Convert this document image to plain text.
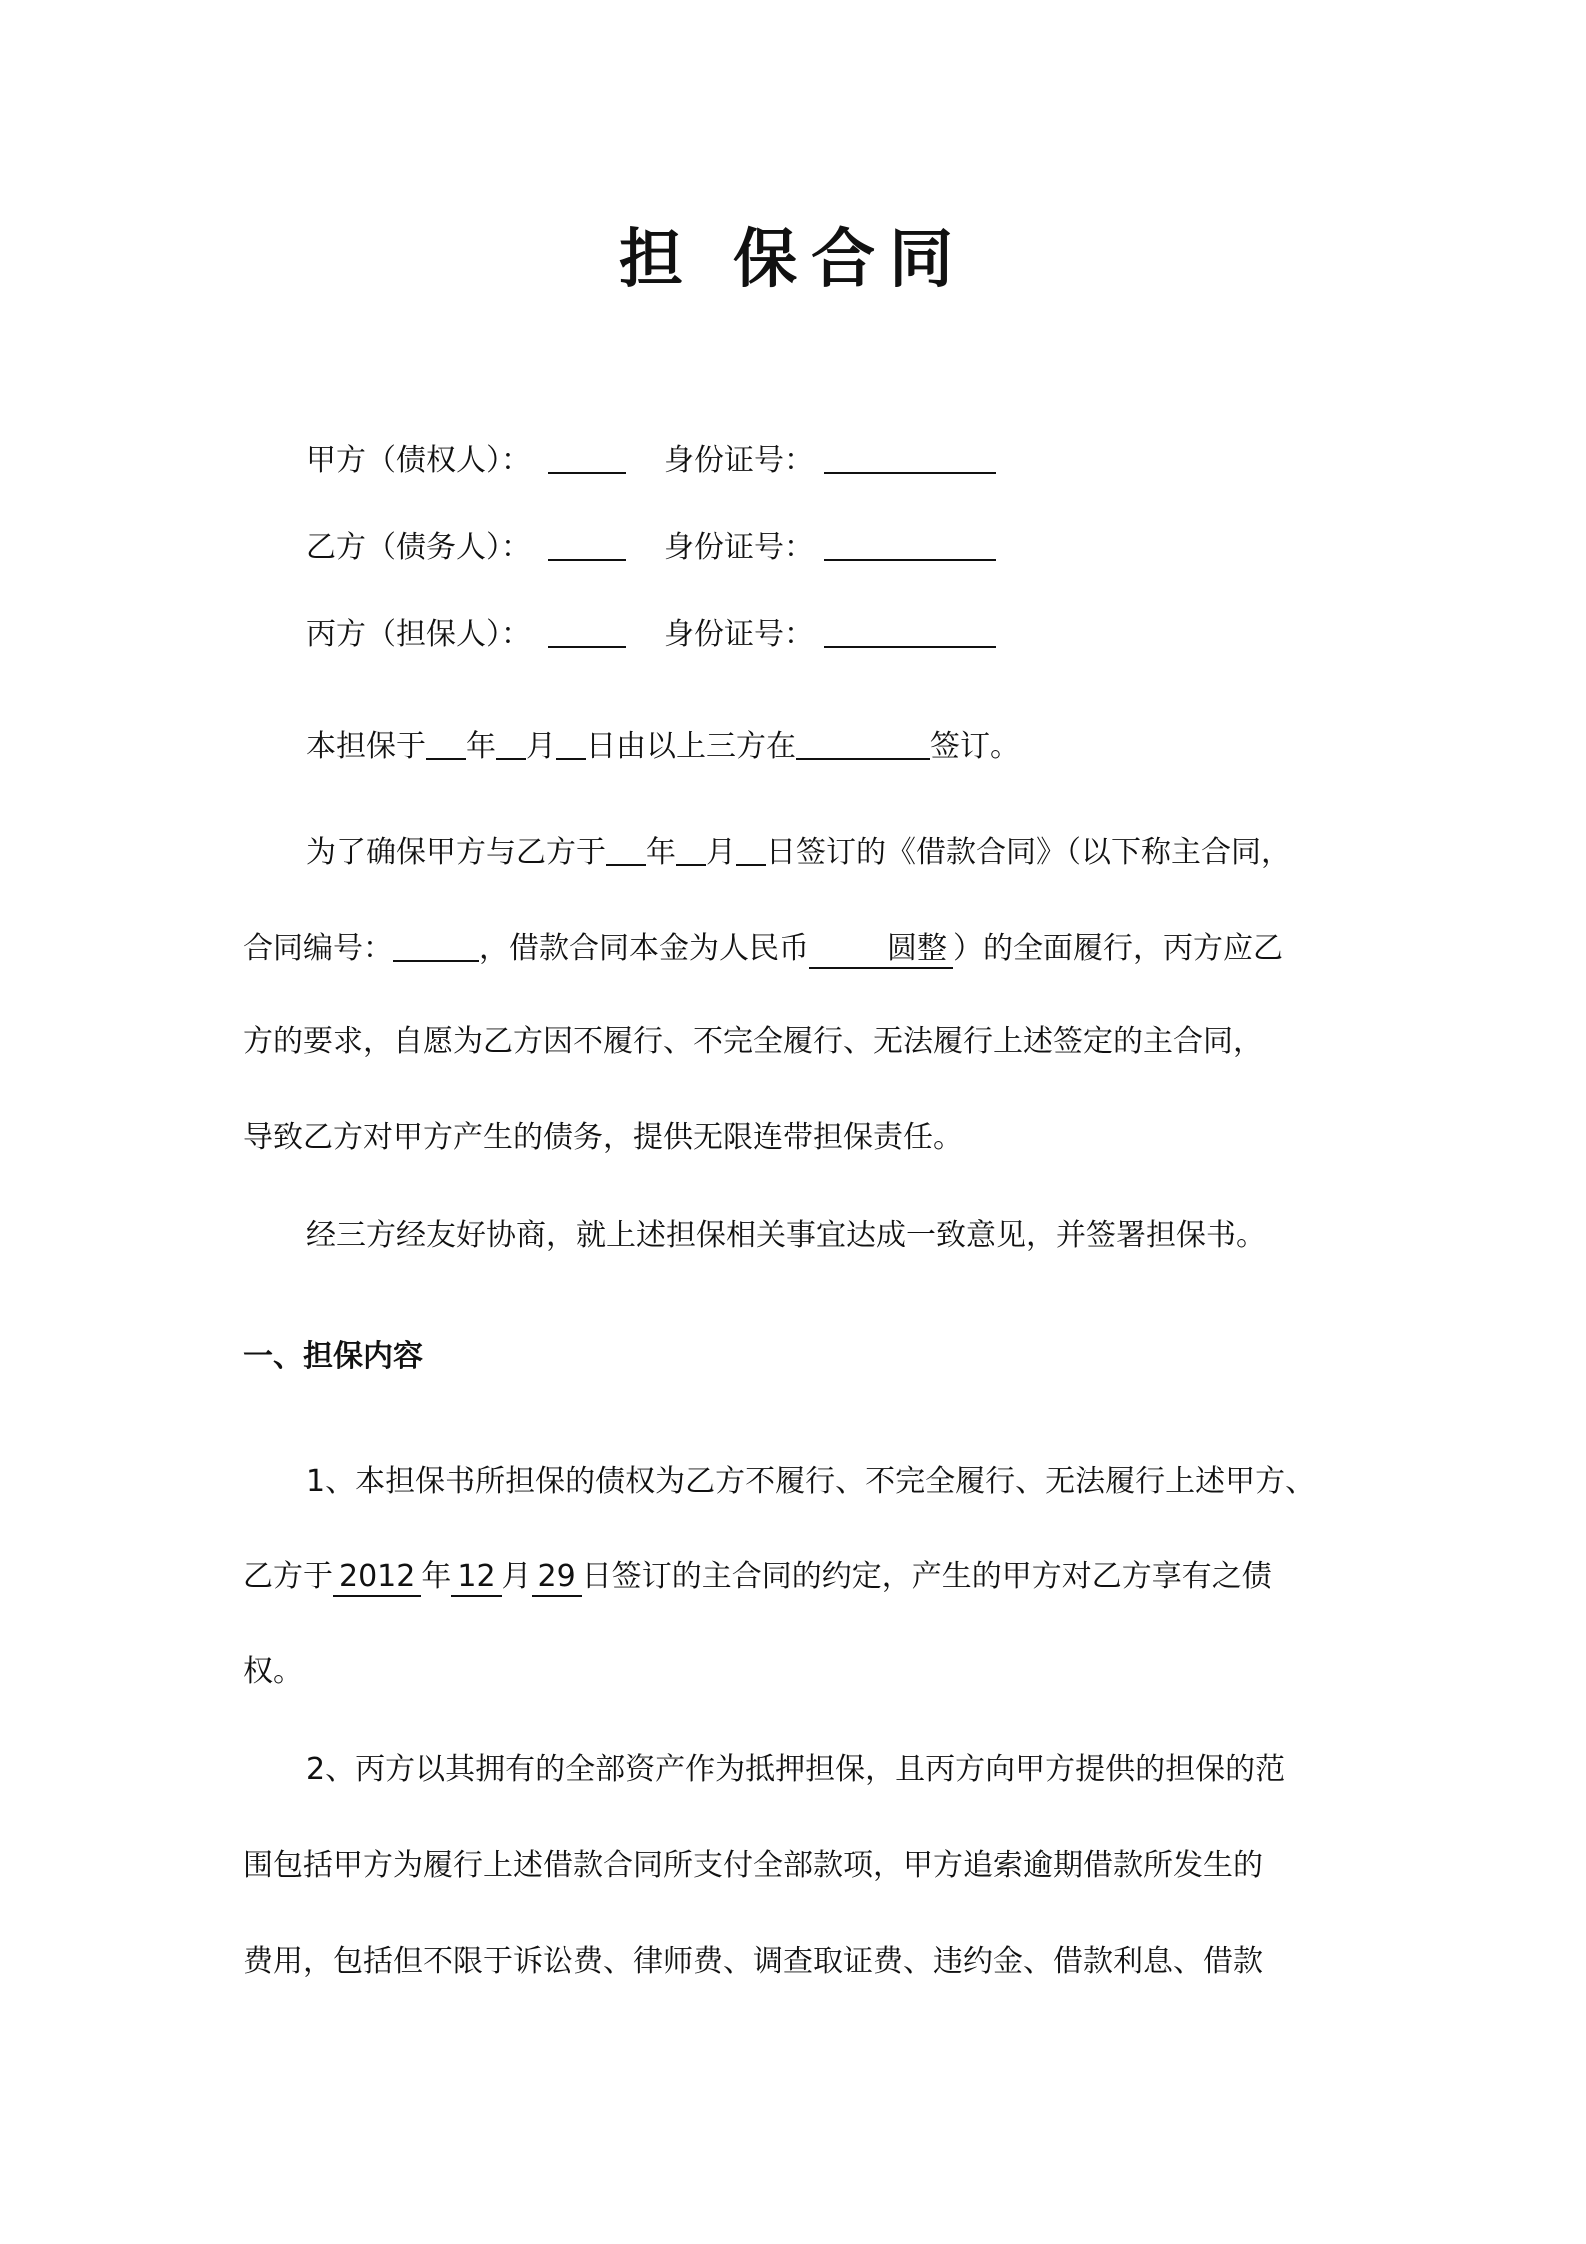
担 保合同
甲方（债权人）：	身份证号：
乙方（债务人）：	身份证号：
丙方（担保人）：	身份证号：
本担保于 年 月 日由以上三方在	签订。
为了确保甲方与乙方于 年 月 日签订的《借款合同》（以下称主合同，
合同编号：	，借款合同本金为人民币	圆整 ）的全面履行，丙方应乙
方的要求，自愿为乙方因不履行、不完全履行、无法履行上述签定的主合同，
导致乙方对甲方产生的债务，提供无限连带担保责任。
经三方经友好协商，就上述担保相关事宜达成一致意见，并签署担保书。
一、担保内容
1、本担保书所担保的债权为乙方不履行、不完全履行、无法履行上述甲方、
乙方于 2012 年 12 月 29 日签订的主合同的约定，产生的甲方对乙方享有之债
权。
2、丙方以其拥有的全部资产作为抵押担保，且丙方向甲方提供的担保的范
围包括甲方为履行上述借款合同所支付全部款项，甲方追索逾期借款所发生的
费用，包括但不限于诉讼费、律师费、调查取证费、违约金、借款利息、借款
